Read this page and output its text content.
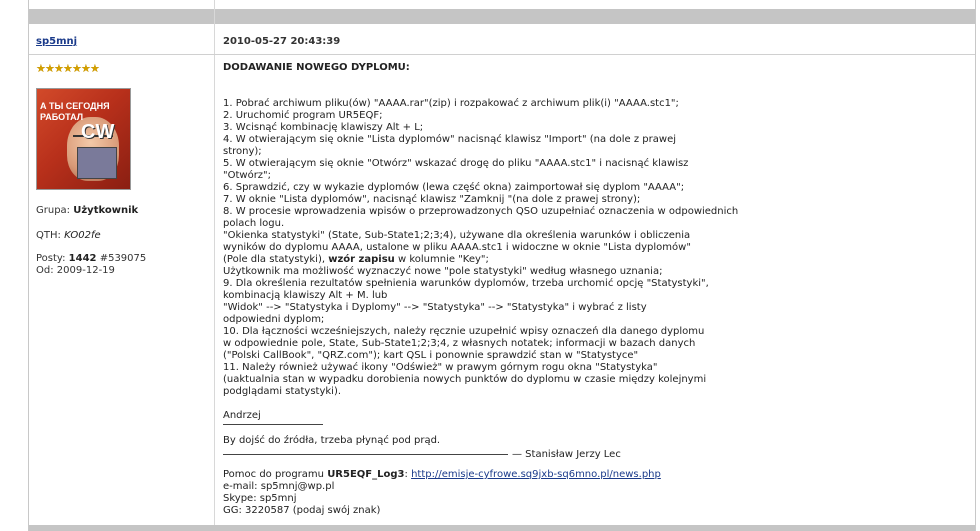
sp5mnj	2010-05-27 20:43:39
★ ★ ★ ★ ★ ★ ★
А ТЫ СЕГОДНЯ
РАБОТАЛ
CW
Grupa: Użytkownik
QTH: KO02fe
Posty: 1442 #539075
Od: 2009-12-19
DODAWANIE NOWEGO DYPLOMU:
1. Pobrać archiwum pliku(ów) "AAAA.rar"(zip) i rozpakować z archiwum plik(i) "AAAA.stc1";
2. Uruchomić program UR5EQF;
3. Wcisnąć kombinację klawiszy Alt + L;
4. W otwierającym się oknie "Lista dyplomów" nacisnąć klawisz "Import" (na dole z prawej
strony);
5. W otwierającym się oknie "Otwórz" wskazać drogę do pliku "AAAA.stc1" i nacisnąć klawisz
"Otwórz";
6. Sprawdzić, czy w wykazie dyplomów (lewa część okna) zaimportował się dyplom "AAAA";
7. W oknie "Lista dyplomów", nacisnąć klawisz "Zamknij "(na dole z prawej strony);
8. W procesie wprowadzenia wpisów o przeprowadzonych QSO uzupełniać oznaczenia w odpowiednich
polach logu.
"Okienka statystyki" (State, Sub-State1;2;3;4), używane dla określenia warunków i obliczenia
wyników do dyplomu AAAA, ustalone w pliku AAAA.stc1 i widoczne w oknie "Lista dyplomów"
(Pole dla statystyki), wzór zapisu w kolumnie "Key";
Użytkownik ma możliwość wyznaczyć nowe "pole statystyki" według własnego uznania;
9. Dla określenia rezultatów spełnienia warunków dyplomów, trzeba urchomić opcję "Statystyki",
kombinacją klawiszy Alt + M. lub
"Widok" --> "Statystyka i Dyplomy" --> "Statystyka" --> "Statystyka" i wybrać z listy
odpowiedni dyplom;
10. Dla łączności wcześniejszych, należy ręcznie uzupełnić wpisy oznaczeń dla danego dyplomu
w odpowiednie pole, State, Sub-State1;2;3;4, z własnych notatek; informacji w bazach danych
("Polski CallBook", "QRZ.com"); kart QSL i ponownie sprawdzić stan w "Statystyce"
11. Należy również używać ikony "Odśwież" w prawym górnym rogu okna "Statystyka"
(uaktualnia stan w wypadku dorobienia nowych punktów do dyplomu w czasie między kolejnymi
podglądami statystyki).
Andrzej
By dojść do źródła, trzeba płynąć pod prąd.
— Stanisław Jerzy Lec
Pomoc do programu UR5EQF_Log3: http://emisje-cyfrowe.sq9jxb-sq6mno.pl/news.php
e-mail: sp5mnj@wp.pl
Skype: sp5mnj
GG: 3220587 (podaj swój znak)
